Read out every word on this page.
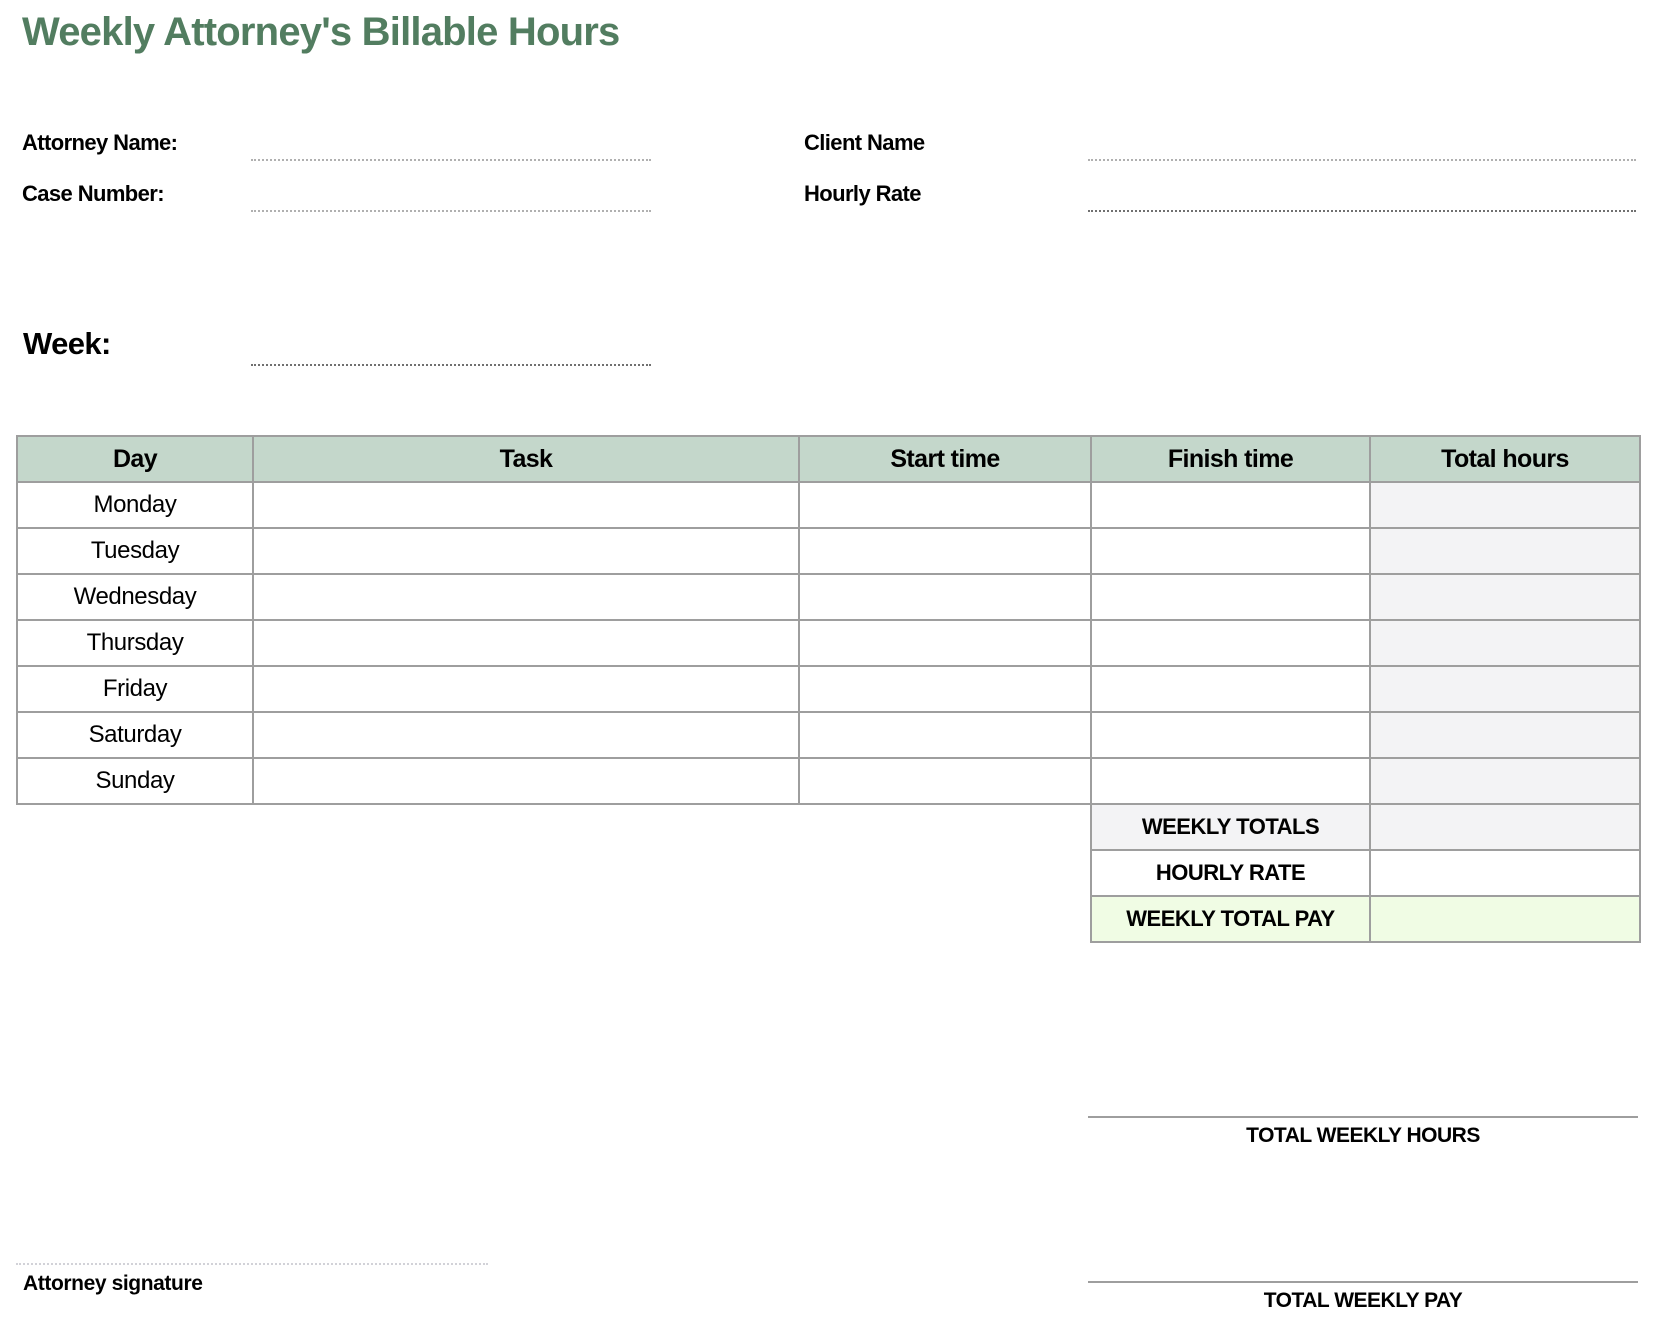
Weekly Attorney's Billable Hours
Attorney Name:
Case Number:
Client Name
Hourly Rate
Week:
Day	Task	Start time	Finish time	Total hours
Monday				
Tuesday				
Wednesday				
Thursday				
Friday				
Saturday				
Sunday				
			WEEKLY TOTALS	
			HOURLY RATE	
			WEEKLY TOTAL PAY	
TOTAL WEEKLY HOURS
TOTAL WEEKLY PAY
Attorney signature
